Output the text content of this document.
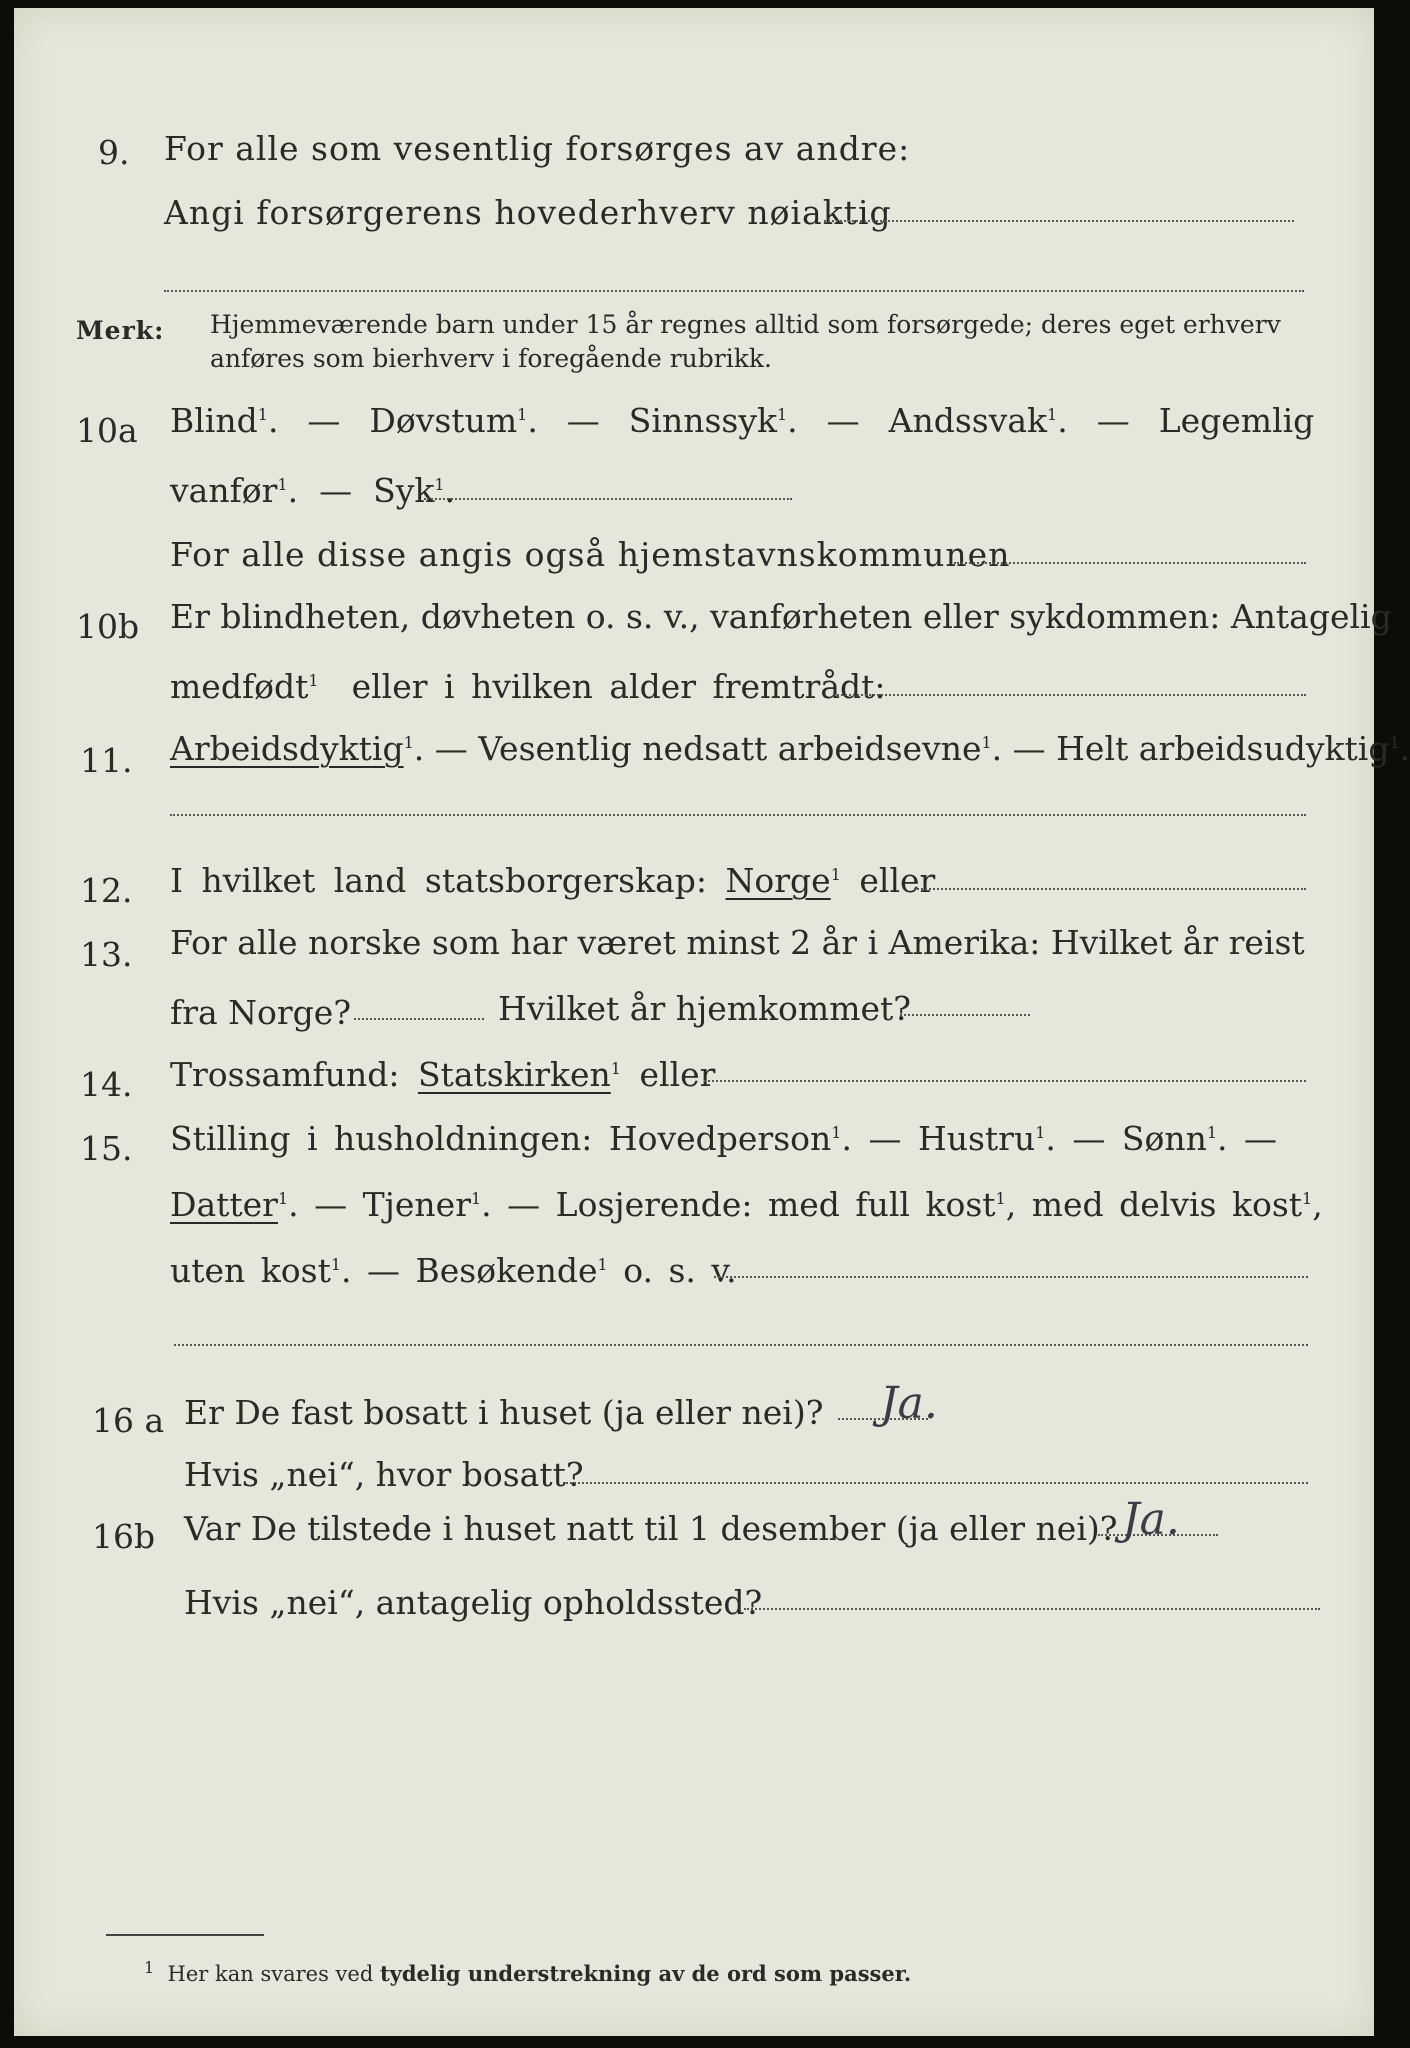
9. For alle som vesentlig forsørges av andre:
Angi forsørgerens hovederhverv nøiaktig
Merk: Hjemmeværende barn under 15 år regnes alltid som forsørgede; deres eget erhverv
anføres som bierhverv i foregående rubrikk.
10a Blind$^1$.  — Døvstum$^1$.  — Sinnssyk$^1$.  — Andssvak$^1$.  — Legemlig
vanfør$^1$.  — Syk$^1$.
For alle disse angis også hjemstavnskommunen
10b Er blindheten, døvheten o. s. v., vanførheten eller sykdommen: Antagelig
medfødt$^1$ eller i hvilken alder fremtrådt:
11. Arbeidsdyktig$^1$. — Vesentlig nedsatt arbeidsevne$^1$. — Helt arbeidsudyktig$^1$.
12. I hvilket land statsborgerskap: Norge$^1$ eller
13. For alle norske som har været minst 2 år i Amerika: Hvilket år reist
fra Norge?	Hvilket år hjemkommet?
14. Trossamfund: Statskirken$^1$ eller
15. Stilling i husholdningen: Hovedperson$^1$. — Hustru$^1$. — Sønn$^1$. —
Datter$^1$. — Tjener$^1$. — Losjerende: med full kost$^1$, med delvis kost$^1$,
uten kost$^1$. — Besøkende$^1$ o. s. v.
16 a Er De fast bosatt i huset (ja eller nei)? Ja.
Hvis „nei“, hvor bosatt?
16b Var De tilstede i huset natt til 1 desember (ja eller nei)? Ja.
Hvis „nei“, antagelig opholdssted?
$^1$ Her kan svares ved tydelig understrekning av de ord som passer.
